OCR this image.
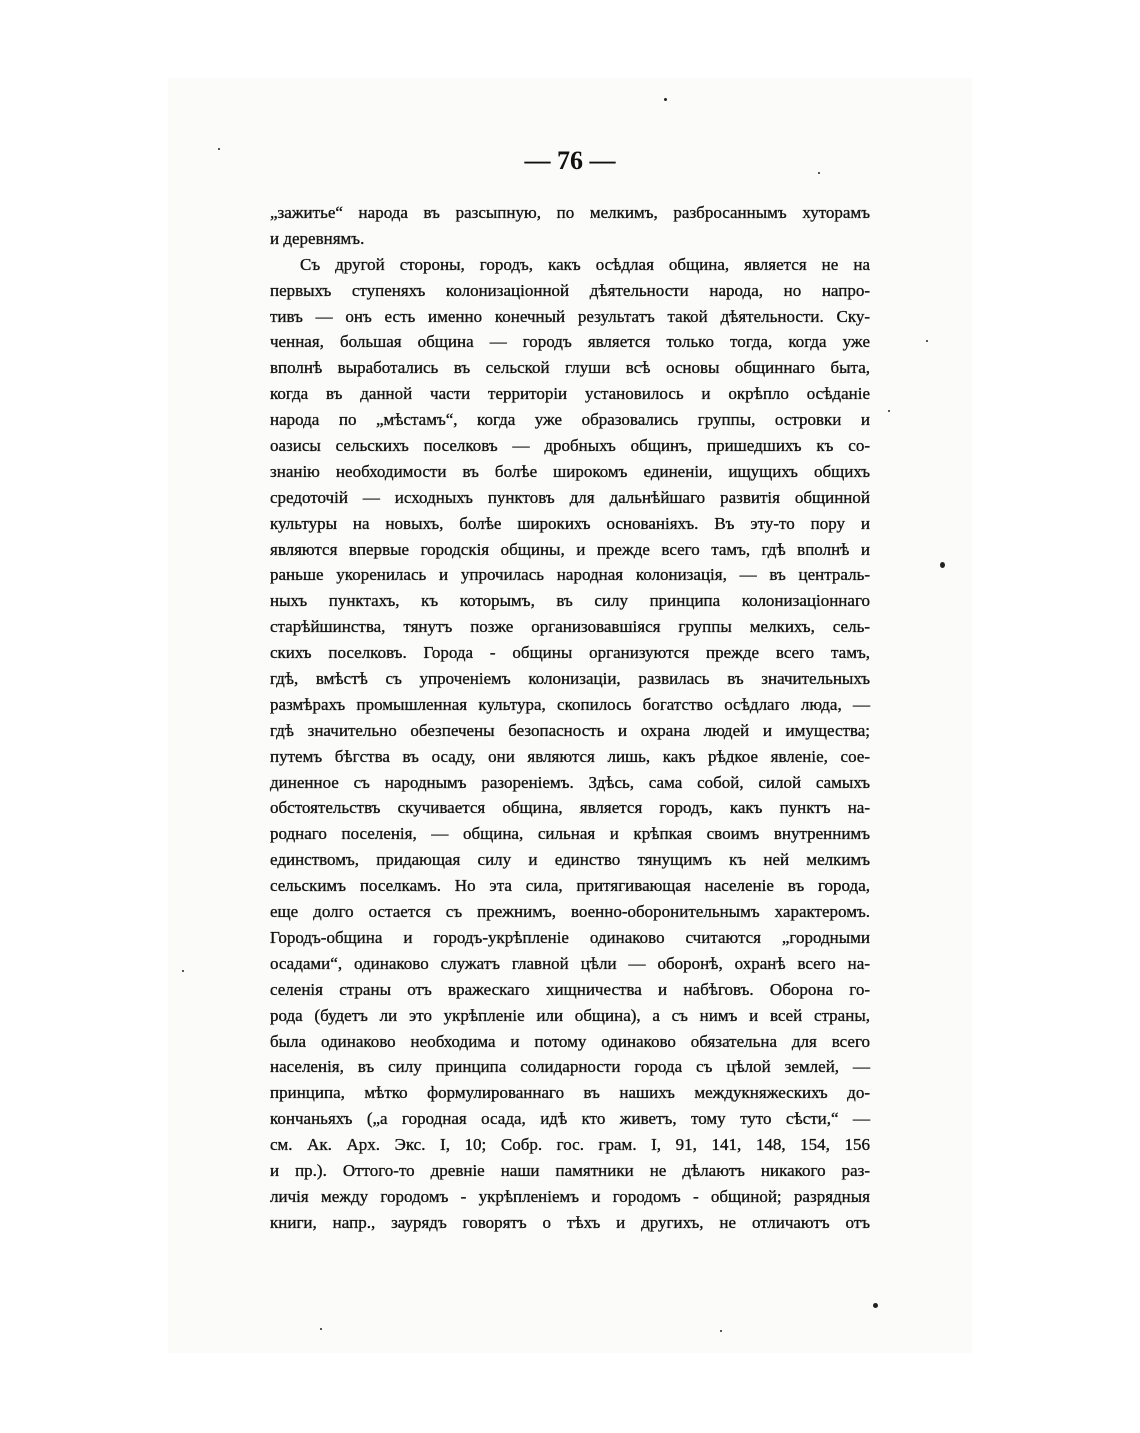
— 76 —
„зажитье“ народа въ разсыпную, по мелкимъ, разбросаннымъ хуторамъ
и деревнямъ.
Съ другой стороны, городъ, какъ осѣдлая община, является не на
первыхъ ступеняхъ колонизаціонной дѣятельности народа, но напро-
тивъ — онъ есть именно конечный результатъ такой дѣятельности. Ску-
ченная, большая община — городъ является только тогда, когда уже
вполнѣ выработались въ сельской глуши всѣ основы общиннаго быта,
когда въ данной части территоріи установилось и окрѣпло осѣданіе
народа по „мѣстамъ“, когда уже образовались группы, островки и
оазисы сельскихъ поселковъ — дробныхъ общинъ, пришедшихъ къ со-
знанію необходимости въ болѣе широкомъ единеніи, ищущихъ общихъ
средоточій — исходныхъ пунктовъ для дальнѣйшаго развитія общинной
культуры на новыхъ, болѣе широкихъ основаніяхъ. Въ эту-то пору и
являются впервые городскія общины, и прежде всего тамъ, гдѣ вполнѣ и
раньше укоренилась и упрочилась народная колонизація, — въ централь-
ныхъ пунктахъ, къ которымъ, въ силу принципа колонизаціоннаго
старѣйшинства, тянутъ позже организовавшіяся группы мелкихъ, сель-
скихъ поселковъ. Города - общины организуются прежде всего тамъ,
гдѣ, вмѣстѣ съ упроченіемъ колонизаціи, развилась въ значительныхъ
размѣрахъ промышленная культура, скопилось богатство осѣдлаго люда, —
гдѣ значительно обезпечены безопасность и охрана людей и имущества;
путемъ бѣгства въ осаду, они являются лишь, какъ рѣдкое явленіе, сое-
диненное съ народнымъ разореніемъ. Здѣсь, сама собой, силой самыхъ
обстоятельствъ скучивается община, является городъ, какъ пунктъ на-
роднаго поселенія, — община, сильная и крѣпкая своимъ внутреннимъ
единствомъ, придающая силу и единство тянущимъ къ ней мелкимъ
сельскимъ поселкамъ. Но эта сила, притягивающая населеніе въ города,
еще долго остается съ прежнимъ, военно-оборонительнымъ характеромъ.
Городъ-община и городъ-укрѣпленіе одинаково считаются „городными
осадами“, одинаково служатъ главной цѣли — оборонѣ, охранѣ всего на-
селенія страны отъ вражескаго хищничества и набѣговъ. Оборона го-
рода (будетъ ли это укрѣпленіе или община), а съ нимъ и всей страны,
была одинаково необходима и потому одинаково обязательна для всего
населенія, въ силу принципа солидарности города съ цѣлой землей, —
принципа, мѣтко формулированнаго въ нашихъ междукняжескихъ до-
кончаньяхъ („а городная осада, идѣ кто живетъ, тому туто сѣсти,“ —
см. Ак. Арх. Экс. I, 10; Собр. гос. грам. I, 91, 141, 148, 154, 156
и пр.). Оттого-то древніе наши памятники не дѣлаютъ никакого раз-
личія между городомъ - укрѣпленіемъ и городомъ - общиной; разрядныя
книги, напр., заурядъ говорятъ о тѣхъ и другихъ, не отличаютъ отъ
